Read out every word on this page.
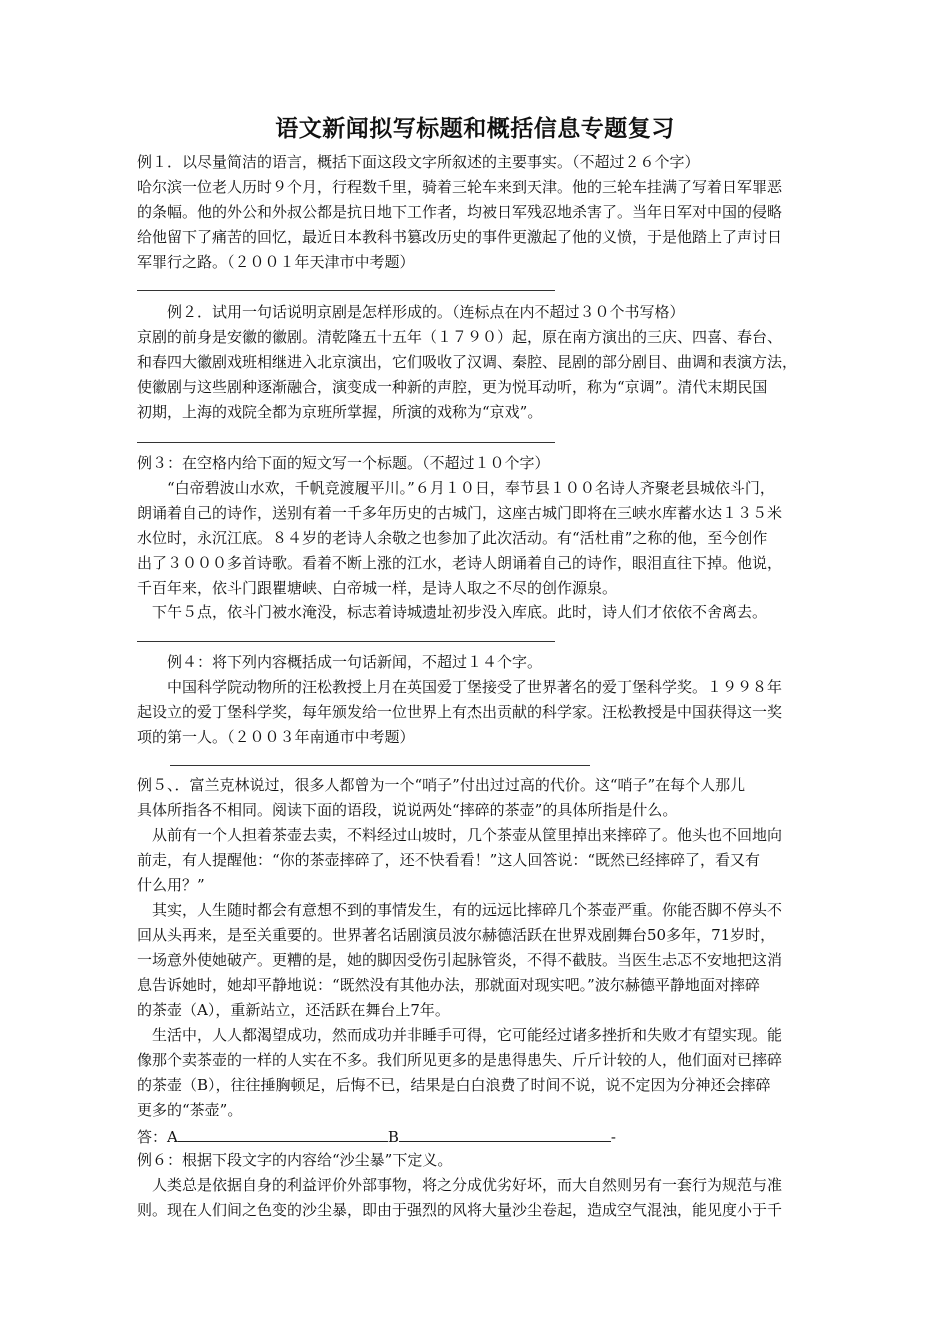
语文新闻拟写标题和概括信息专题复习
例１．以尽量简洁的语言，概括下面这段文字所叙述的主要事实。（不超过２６个字）
哈尔滨一位老人历时９个月，行程数千里，骑着三轮车来到天津。他的三轮车挂满了写着日军罪恶
的条幅。他的外公和外叔公都是抗日地下工作者，均被日军残忍地杀害了。当年日军对中国的侵略
给他留下了痛苦的回忆，最近日本教科书篡改历史的事件更激起了他的义愤，于是他踏上了声讨日
军罪行之路。（２００１年天津市中考题）
　　例２．试用一句话说明京剧是怎样形成的。（连标点在内不超过３０个书写格）
京剧的前身是安徽的徽剧。清乾隆五十五年（１７９０）起，原在南方演出的三庆、四喜、春台、
和春四大徽剧戏班相继进入北京演出，它们吸收了汉调、秦腔、昆剧的部分剧目、曲调和表演方法，
使徽剧与这些剧种逐渐融合，演变成一种新的声腔，更为悦耳动听，称为“京调”。清代末期民国
初期，上海的戏院全都为京班所掌握，所演的戏称为“京戏”。
例３：在空格内给下面的短文写一个标题。（不超过１０个字）
　　“白帝碧波山水欢，千帆竞渡履平川。”６月１０日，奉节县１００名诗人齐聚老县城依斗门，
朗诵着自己的诗作，送别有着一千多年历史的古城门，这座古城门即将在三峡水库蓄水达１３５米
水位时，永沉江底。８４岁的老诗人余敬之也参加了此次活动。有“活杜甫”之称的他，至今创作
出了３０００多首诗歌。看着不断上涨的江水，老诗人朗诵着自己的诗作，眼泪直往下掉。他说，
千百年来，依斗门跟瞿塘峡、白帝城一样，是诗人取之不尽的创作源泉。
　下午５点，依斗门被水淹没，标志着诗城遗址初步没入库底。此时，诗人们才依依不舍离去。
　　例４：将下列内容概括成一句话新闻，不超过１４个字。
　　中国科学院动物所的汪松教授上月在英国爱丁堡接受了世界著名的爱丁堡科学奖。１９９８年
起设立的爱丁堡科学奖，每年颁发给一位世界上有杰出贡献的科学家。汪松教授是中国获得这一奖
项的第一人。（２００３年南通市中考题）
例５、．富兰克林说过，很多人都曾为一个“哨子”付出过过高的代价。这“哨子”在每个人那儿
具体所指各不相同。阅读下面的语段，说说两处“摔碎的茶壶”的具体所指是什么。
　从前有一个人担着茶壶去卖，不料经过山坡时，几个茶壶从筐里掉出来摔碎了。他头也不回地向
前走，有人提醒他：“你的茶壶摔碎了，还不快看看！”这人回答说：“既然已经摔碎了，看又有
什么用？”
　其实，人生随时都会有意想不到的事情发生，有的远远比摔碎几个茶壶严重。你能否脚不停头不
回从头再来，是至关重要的。世界著名话剧演员波尔赫德活跃在世界戏剧舞台50多年，71岁时，
一场意外使她破产。更糟的是，她的脚因受伤引起脉管炎，不得不截肢。当医生忐忑不安地把这消
息告诉她时，她却平静地说：“既然没有其他办法，那就面对现实吧。”波尔赫德平静地面对摔碎
的茶壶（A），重新站立，还活跃在舞台上7年。
　生活中，人人都渴望成功，然而成功并非睡手可得，它可能经过诸多挫折和失败才有望实现。能
像那个卖茶壶的一样的人实在不多。我们所见更多的是患得患失、斤斤计较的人，他们面对已摔碎
的茶壶（B），往往捶胸顿足，后悔不已，结果是白白浪费了时间不说，说不定因为分神还会摔碎
更多的“茶壶”。
答：A	B	-
例６：根据下段文字的内容给“沙尘暴”下定义。
　人类总是依据自身的利益评价外部事物，将之分成优劣好坏，而大自然则另有一套行为规范与准
则。现在人们间之色变的沙尘暴，即由于强烈的风将大量沙尘卷起，造成空气混浊，能见度小于千
